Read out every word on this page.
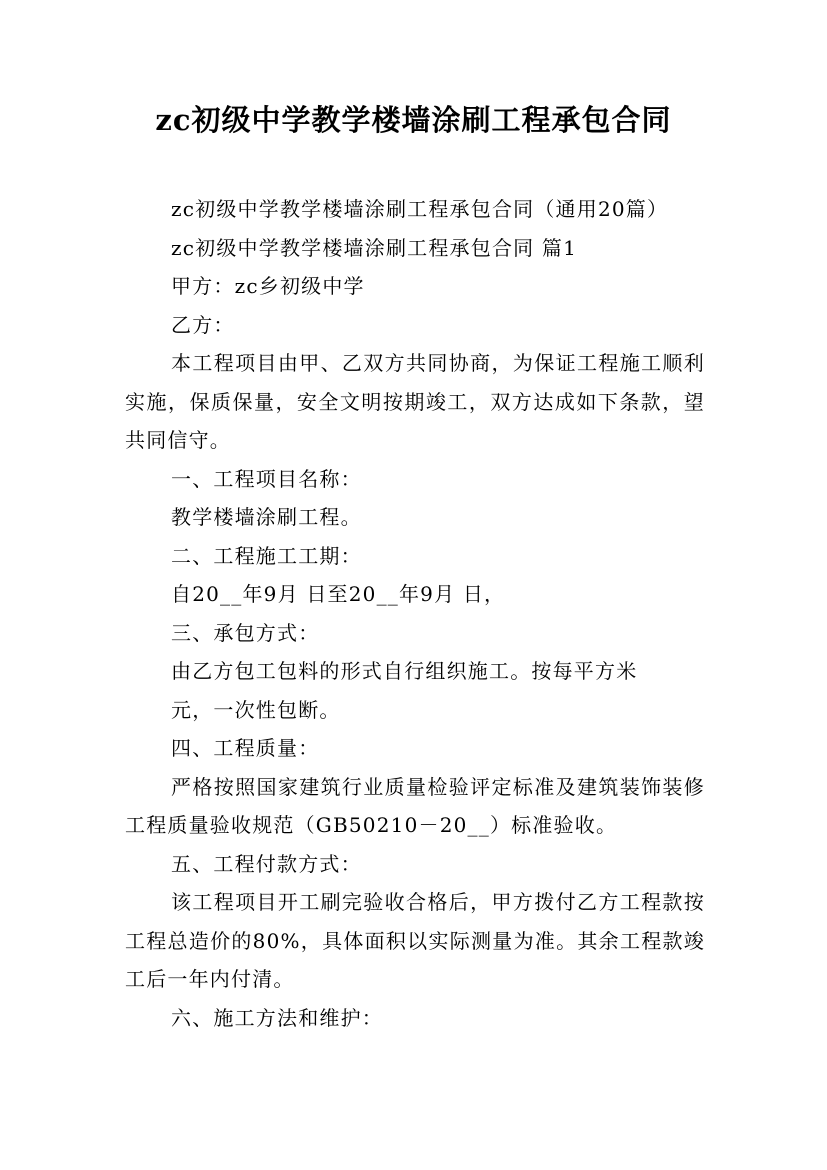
zc初级中学教学楼墙涂刷工程承包合同

zc初级中学教学楼墙涂刷工程承包合同（通用20篇）

zc初级中学教学楼墙涂刷工程承包合同 篇1

甲方：zc乡初级中学

乙方：

本工程项目由甲、乙双方共同协商，为保证工程施工顺利实施，保质保量，安全文明按期竣工，双方达成如下条款，望共同信守。

一、工程项目名称：

教学楼墙涂刷工程。

二、工程施工工期：

自20__年9月 日至20__年9月 日，

三、承包方式：

由乙方包工包料的形式自行组织施工。按每平方米

元，一次性包断。

四、工程质量：

严格按照国家建筑行业质量检验评定标准及建筑装饰装修工程质量验收规范（GB50210－20__）标准验收。

五、工程付款方式：

该工程项目开工刷完验收合格后，甲方拨付乙方工程款按工程总造价的80%，具体面积以实际测量为准。其余工程款竣工后一年内付清。

六、施工方法和维护：
